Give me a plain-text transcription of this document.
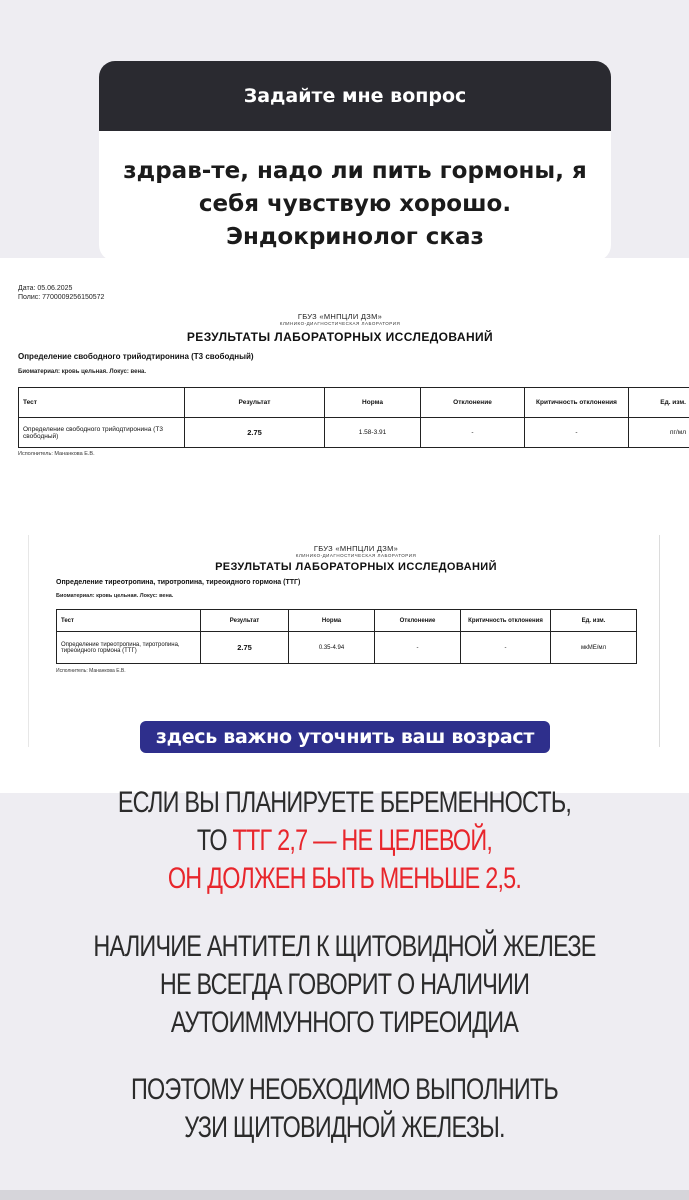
Задайте мне вопрос
здрав-те, надо ли пить гормоны, я
себя чувствую хорошо.
Эндокринолог сказ
Дата: 05.06.2025
Полис: 7700009256150572
ГБУЗ «МНПЦЛИ ДЗМ»
КЛИНИКО-ДИАГНОСТИЧЕСКАЯ ЛАБОРАТОРИЯ
РЕЗУЛЬТАТЫ ЛАБОРАТОРНЫХ ИССЛЕДОВАНИЙ
Определение свободного трийодтиронина (Т3 свободный)
Биоматериал: кровь цельная. Локус: вена.
Тест	Результат	Норма	Отклонение	Критичность отклонения	Ед. изм.
Определение свободного трийодтиронина (Т3 свободный)	2.75	1.58-3.91	-	-	пг/мл
Исполнитель: Мананкова Е.В.
ГБУЗ «МНПЦЛИ ДЗМ»
КЛИНИКО-ДИАГНОСТИЧЕСКАЯ ЛАБОРАТОРИЯ
РЕЗУЛЬТАТЫ ЛАБОРАТОРНЫХ ИССЛЕДОВАНИЙ
Определение тиреотропина, тиротропина, тиреоидного гормона (ТТГ)
Биоматериал: кровь цельная. Локус: вена.
Тест	Результат	Норма	Отклонение	Критичность отклонения	Ед. изм.
Определение тиреотропина, тиротропина, тиреоидного гормона (ТТГ)	2.75	0.35-4.94	-	-	мкМЕ/мл
Исполнитель: Мананкова Е.В.
здесь важно уточнить ваш возраст
ЕСЛИ ВЫ ПЛАНИРУЕТЕ БЕРЕМЕННОСТЬ,
ТО ТТГ 2,7 — НЕ ЦЕЛЕВОЙ,
ОН ДОЛЖЕН БЫТЬ МЕНЬШЕ 2,5.
НАЛИЧИЕ АНТИТЕЛ К ЩИТОВИДНОЙ ЖЕЛЕЗЕ
НЕ ВСЕГДА ГОВОРИТ О НАЛИЧИИ
АУТОИММУННОГО ТИРЕОИДИА
ПОЭТОМУ НЕОБХОДИМО ВЫПОЛНИТЬ
УЗИ ЩИТОВИДНОЙ ЖЕЛЕЗЫ.
